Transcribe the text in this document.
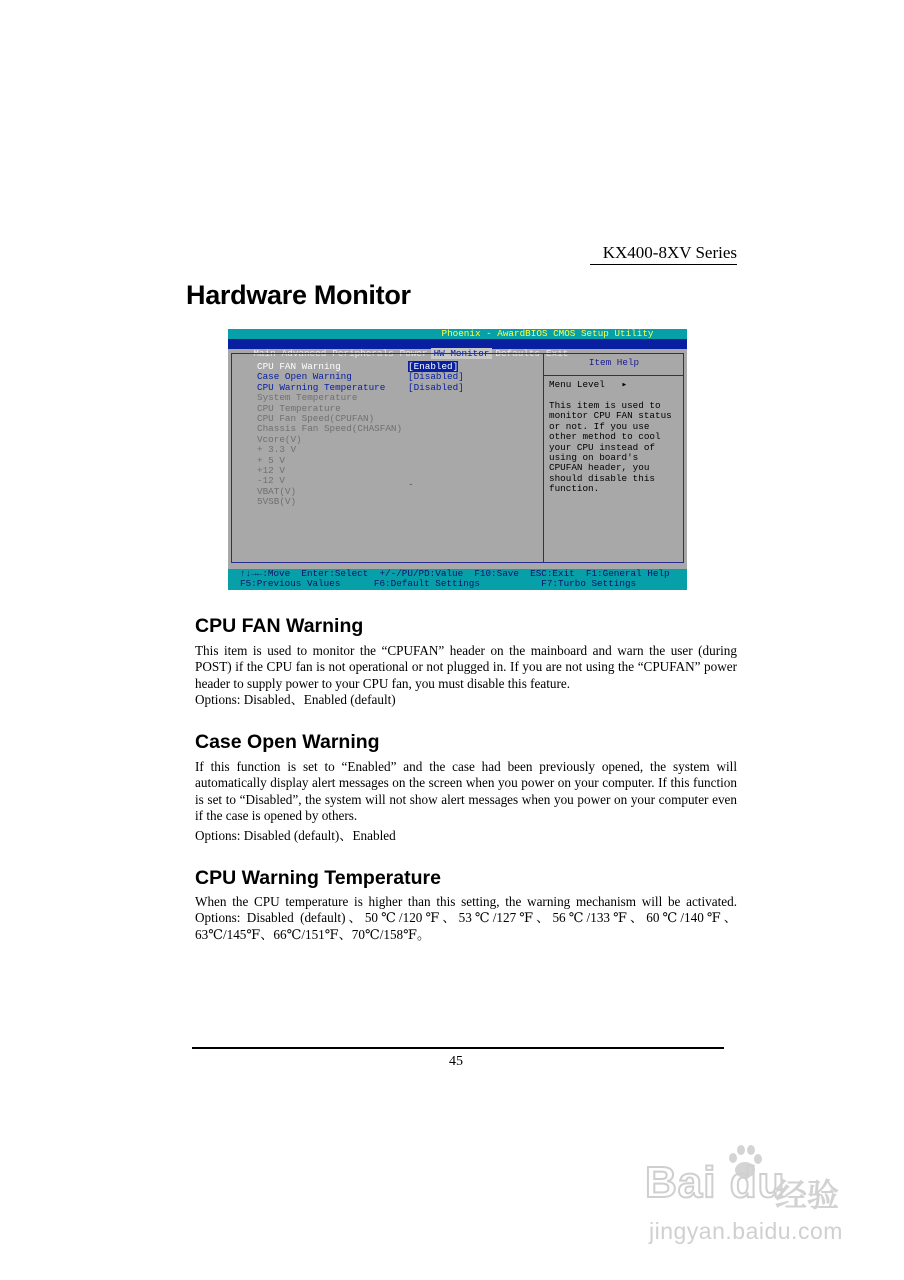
KX400-8XV Series
Hardware Monitor
Phoenix - AwardBIOS CMOS Setup Utility

Main Advanced Peripherals Power HW Monitor Defaults Exit

CPU FAN Warning
Case Open Warning
CPU Warning Temperature
System Temperature
CPU Temperature
CPU Fan Speed(CPUFAN)
Chassis Fan Speed(CHASFAN)
Vcore(V)
+ 3.3 V
+ 5 V
+12 V
-12 V
VBAT(V)
5VSB(V)
[Enabled]
[Disabled]
[Disabled]
-
Item Help
Menu Level   ▸
This item is used to
monitor CPU FAN status
or not. If you use
other method to cool
your CPU instead of
using on board's
CPUFAN header, you
should disable this
function.
↑↓→←:Move  Enter:Select  +/-/PU/PD:Value  F10:Save  ESC:Exit  F1:General Help
F5:Previous Values      F6:Default Settings           F7:Turbo Settings
CPU FAN Warning

This item is used to monitor the “CPUFAN” header on the mainboard and warn the user (during POST) if the CPU fan is not operational or not plugged in. If you are not using the “CPUFAN” power header to supply power to your CPU fan, you must disable this feature.

Options: Disabled、Enabled (default)

Case Open Warning

If this function is set to “Enabled” and the case had been previously opened, the system will automatically display alert messages on the screen when you power on your computer. If this function is set to “Disabled”, the system will not show alert messages when you power on your computer even if the case is opened by others.

Options: Disabled (default)、Enabled

CPU Warning Temperature

When the CPU temperature is higher than this setting, the warning mechanism will be activated. Options: Disabled (default)、50℃/120℉、53℃/127℉、56℃/133℉、60℃/140℉、63℃/145℉、66℃/151℉、70℃/158℉。

45
Bai du
经验
jingyan.baidu.com
